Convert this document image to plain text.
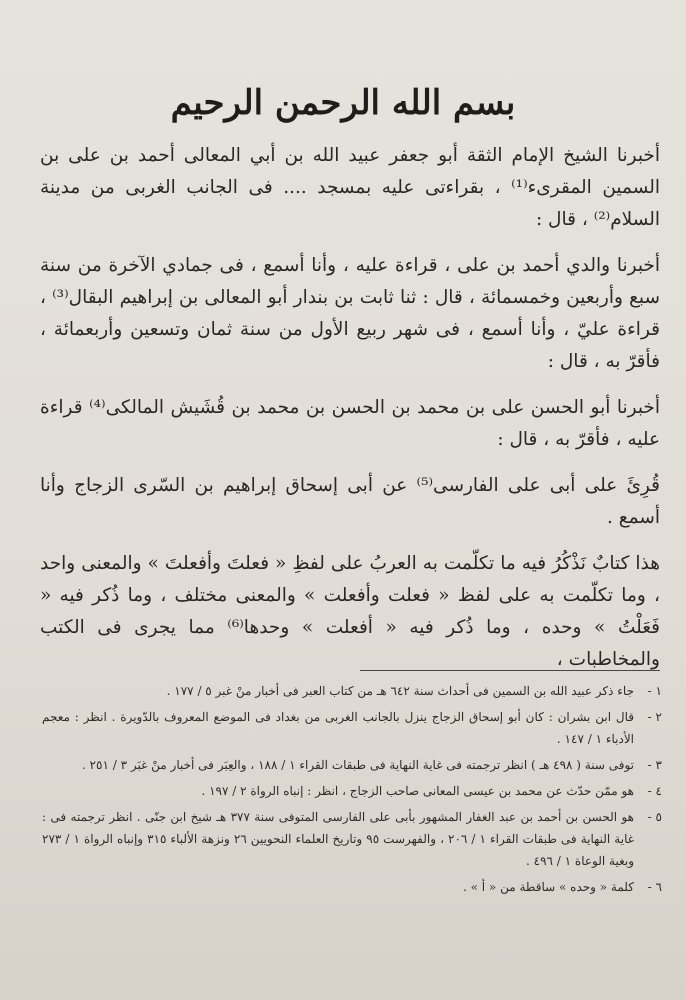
بسم الله الرحمن الرحيم

أخبرنا الشيخ الإمام الثقة أبو جعفر عبيد الله بن أبي المعالى أحمد بن على بن السمين المقرىء⁽¹⁾ ، بقراءتى عليه بمسجد .... فى الجانب الغربى من مدينة السلام⁽²⁾ ، قال :

أخبرنا والدي أحمد بن على ، قراءة عليه ، وأنا أسمع ، فى جمادي الآخرة من سنة سبع وأربعين وخمسمائة ، قال : ثنا ثابت بن بندار أبو المعالى بن إبراهيم البقال⁽³⁾ ، قراءة عليّ ، وأنا أسمع ، فى شهر ربيع الأول من سنة ثمان وتسعين وأربعمائة ، فأقرّ به ، قال :

أخبرنا أبو الحسن على بن محمد بن الحسن بن محمد بن قُشَيش المالكى⁽⁴⁾ قراءة عليه ، فأقرّ به ، قال :

قُرِئَ على أبى على الفارسى⁽⁵⁾ عن أبى إسحاق إبراهيم بن السّرى الزجاج وأنا أسمع .

هذا كتابٌ نَذْكُرُ فيه ما تكلّمت به العربُ على لفظِ « فعلتَ وأفعلتَ » والمعنى واحد ، وما تكلّمت به على لفظ « فعلت وأفعلت » والمعنى مختلف ، وما ذُكر فيه « فَعَلْتُ » وحده ، وما ذُكر فيه « أفعلت » وحدها⁽⁶⁾ مما يجرى فى الكتب والمخاطبات ،

١ -
جاء ذكر عبيد الله بن السمين فى أحداث سنة ٦٤٢ هـ من كتاب العبر فى أخبار منْ غبر ٥ / ١٧٧ .
٢ -
قال ابن بشران : كان أبو إسحاق الزجاج ينزل بالجانب الغربى من بغداد فى الموضع المعروف بالدّويرة . انظر : معجم الأدباء ١ / ١٤٧ .
٣ -
توفى سنة ( ٤٩٨ هـ ) انظر ترجمته فى غاية النهاية فى طبقات القراء ١ / ١٨٨ ، والعِبَر فى أخبار منْ غبَر ٣ / ٢٥١ .
٤ -
هو ممّن حدّث عن محمد بن عيسى المعانى صاحب الزجاج ، انظر : إنباه الرواة ٢ / ١٩٧ .
٥ -
هو الحسن بن أحمد بن عبد الغفار المشهور بأبى على الفارسى المتوفى سنة ٣٧٧ هـ شيخ ابن جنّى . انظر ترجمته فى : غاية النهاية فى طبقات القراء ١ / ٢٠٦ ، والفهرست ٩٥ وتاريخ العلماء النحويين ٢٦ ونزهة الألباء ٣١٥ وإنباه الرواة ١ / ٢٧٣ وبغية الوعاة ١ / ٤٩٦ .
٦ -
كلمة « وحده » ساقطة من « أ » .
